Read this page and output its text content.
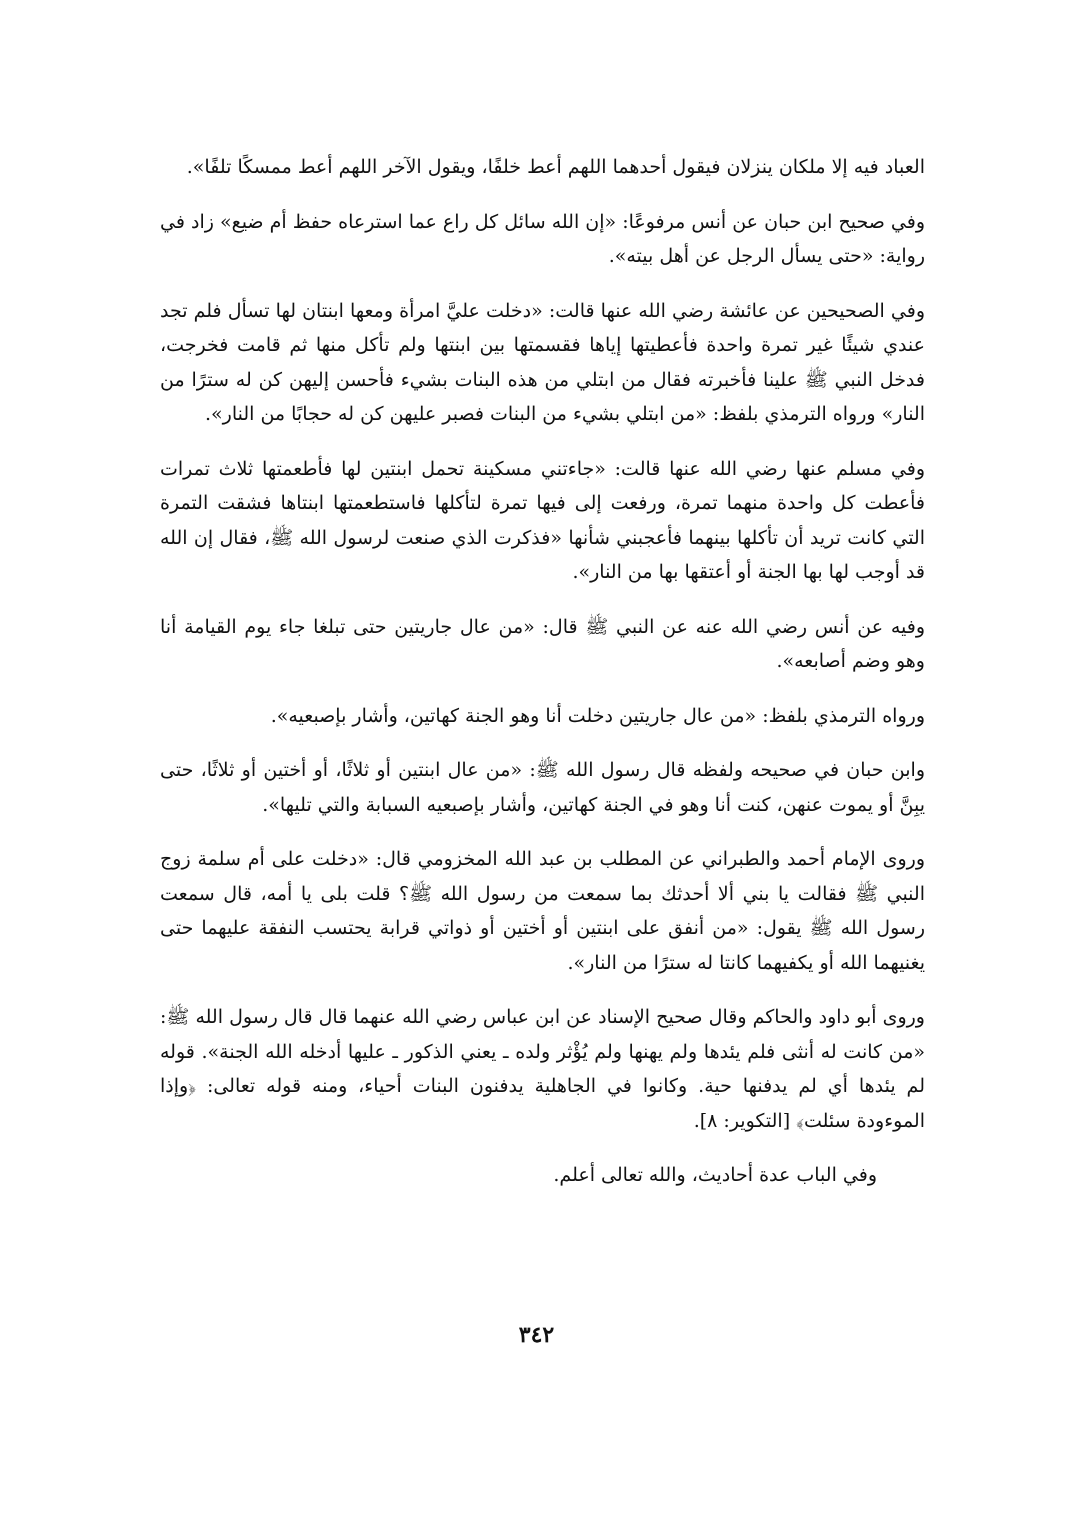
العباد فيه إلا ملكان ينزلان فيقول أحدهما اللهم أعط خلفًا، ويقول الآخر اللهم أعط ممسكًا تلفًا».

وفي صحيح ابن حبان عن أنس مرفوعًا: «إن الله سائل كل راع عما استرعاه حفظ أم ضيع» زاد في رواية: «حتى يسأل الرجل عن أهل بيته».

وفي الصحيحين عن عائشة رضي الله عنها قالت: «دخلت عليَّ امرأة ومعها ابنتان لها تسأل فلم تجد عندي شيئًا غير تمرة واحدة فأعطيتها إياها فقسمتها بين ابنتها ولم تأكل منها ثم قامت فخرجت، فدخل النبي ﷺ علينا فأخبرته فقال من ابتلي من هذه البنات بشيء فأحسن إليهن كن له سترًا من النار» ورواه الترمذي بلفظ: «من ابتلي بشيء من البنات فصبر عليهن كن له حجابًا من النار».

وفي مسلم عنها رضي الله عنها قالت: «جاءتني مسكينة تحمل ابنتين لها فأطعمتها ثلاث تمرات فأعطت كل واحدة منهما تمرة، ورفعت إلى فيها تمرة لتأكلها فاستطعمتها ابنتاها فشقت التمرة التي كانت تريد أن تأكلها بينهما فأعجبني شأنها «فذكرت الذي صنعت لرسول الله ﷺ، فقال إن الله قد أوجب لها بها الجنة أو أعتقها بها من النار».

وفيه عن أنس رضي الله عنه عن النبي ﷺ قال: «من عال جاريتين حتى تبلغا جاء يوم القيامة أنا وهو وضم أصابعه».

ورواه الترمذي بلفظ: «من عال جاريتين دخلت أنا وهو الجنة كهاتين، وأشار بإصبعيه».

وابن حبان في صحيحه ولفظه قال رسول الله ﷺ: «من عال ابنتين أو ثلاثًا، أو أختين أو ثلاثًا، حتى يبِنَّ أو يموت عنهن، كنت أنا وهو في الجنة كهاتين، وأشار بإصبعيه السبابة والتي تليها».

وروى الإمام أحمد والطبراني عن المطلب بن عبد الله المخزومي قال: «دخلت على أم سلمة زوج النبي ﷺ فقالت يا بني ألا أحدثك بما سمعت من رسول الله ﷺ؟ قلت بلى يا أمه، قال سمعت رسول الله ﷺ يقول: «من أنفق على ابنتين أو أختين أو ذواتي قرابة يحتسب النفقة عليهما حتى يغنيهما الله أو يكفيهما كانتا له سترًا من النار».

وروى أبو داود والحاكم وقال صحيح الإسناد عن ابن عباس رضي الله عنهما قال قال رسول الله ﷺ: «من كانت له أنثى فلم يئدها ولم يهنها ولم يُؤْثر ولده ـ يعني الذكور ـ عليها أدخله الله الجنة». قوله لم يئدها أي لم يدفنها حية. وكانوا في الجاهلية يدفنون البنات أحياء، ومنه قوله تعالى: ﴿وإذا الموءودة سئلت﴾ [التكوير: ٨].

وفي الباب عدة أحاديث، والله تعالى أعلم.

٣٤٢
